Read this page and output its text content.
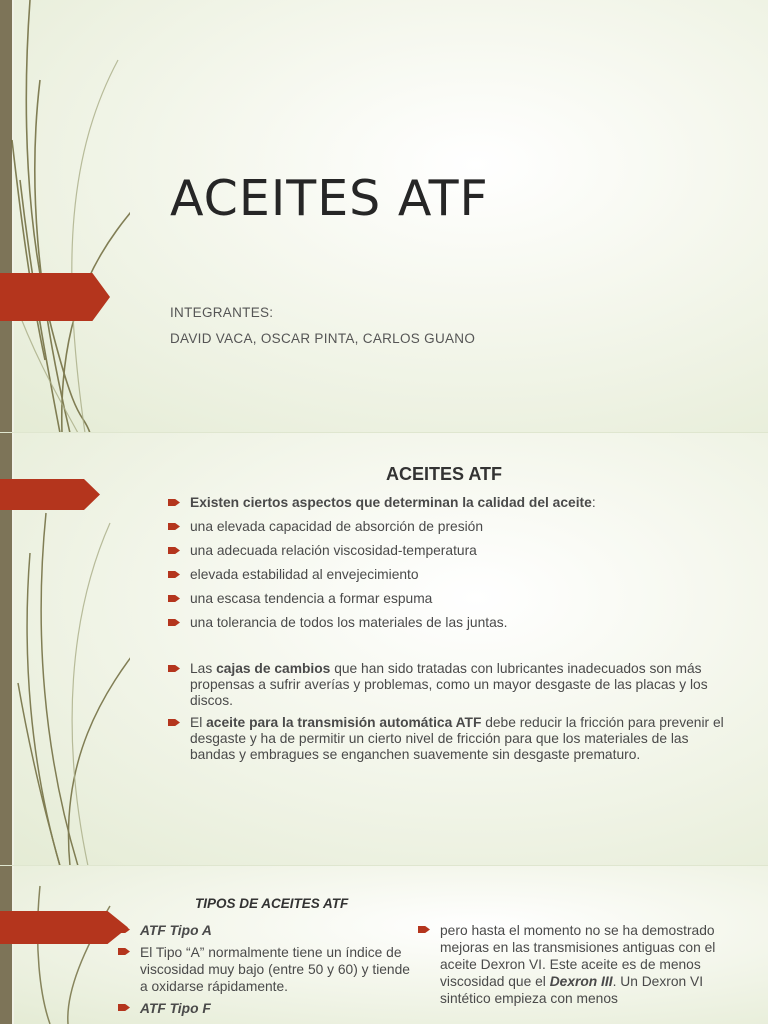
ACEITES ATF
INTEGRANTES:
DAVID VACA, OSCAR PINTA, CARLOS GUANO
ACEITES ATF
Existen ciertos aspectos que determinan la calidad del aceite:
una elevada capacidad de absorción de presión
una adecuada relación viscosidad-temperatura
elevada estabilidad al envejecimiento
una escasa tendencia a formar espuma
una tolerancia de todos los materiales de las juntas.
Las cajas de cambios que han sido tratadas con lubricantes inadecuados son más propensas a sufrir averías y problemas, como un mayor desgaste de las placas y los discos.
El aceite para la transmisión automática ATF debe reducir la fricción para prevenir el desgaste y ha de permitir un cierto nivel de fricción para que los materiales de las bandas y embragues se enganchen suavemente sin desgaste prematuro.
TIPOS DE ACEITES ATF
ATF Tipo A
El Tipo “A” normalmente tiene un índice de viscosidad muy bajo (entre 50 y 60) y tiende a oxidarse rápidamente.
ATF Tipo F
pero hasta el momento no se ha demostrado mejoras en las transmisiones antiguas con el aceite Dexron VI. Este aceite es de menos viscosidad que el Dexron III. Un Dexron VI sintético empieza con menos
